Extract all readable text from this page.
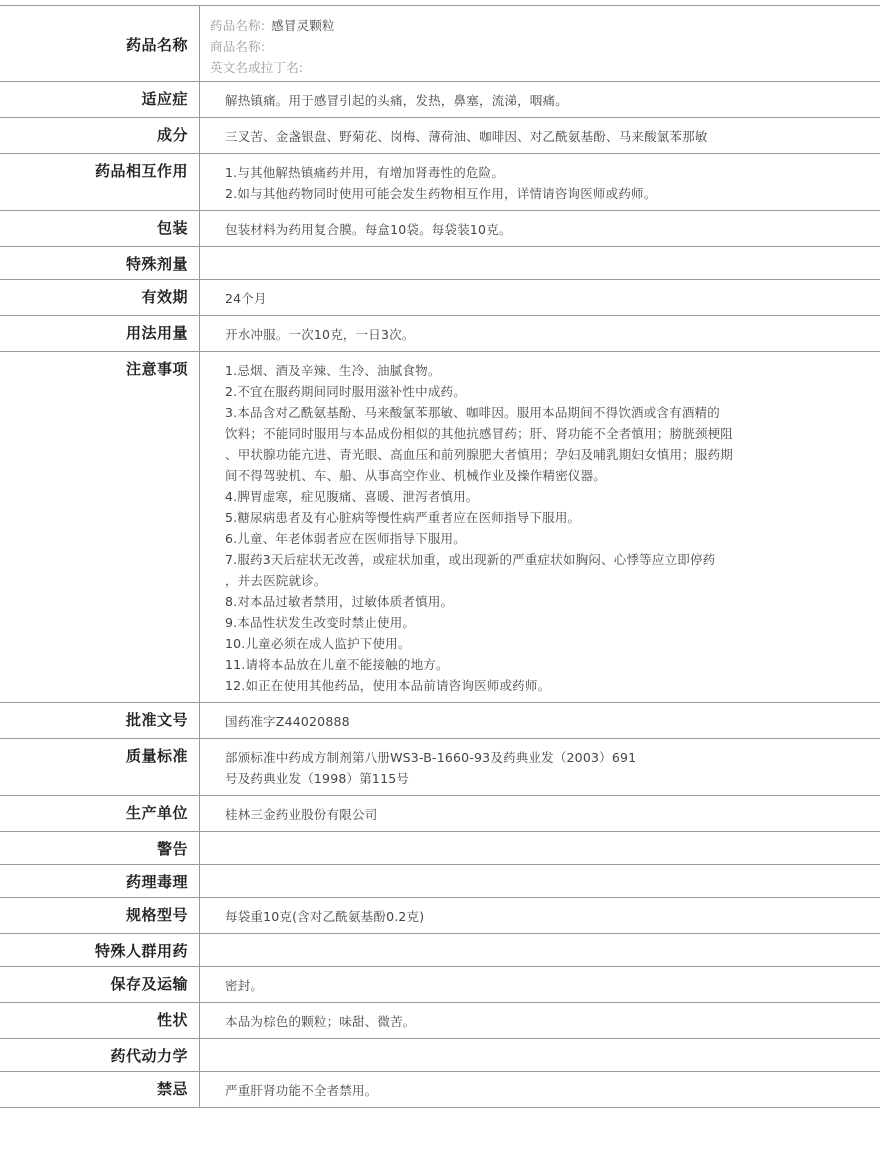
药品名称
药品名称: 感冒灵颗粒
商品名称:
英文名或拉丁名:
适应症	解热镇痛。用于感冒引起的头痛，发热，鼻塞，流涕，咽痛。
成分	三叉苦、金盏银盘、野菊花、岗梅、薄荷油、咖啡因、对乙酰氨基酚、马来酸氯苯那敏
药品相互作用	1.与其他解热镇痛药并用，有增加肾毒性的危险。
2.如与其他药物同时使用可能会发生药物相互作用，详情请咨询医师或药师。
包装	包装材料为药用复合膜。每盒10袋。每袋装10克。
特殊剂量
有效期	24个月
用法用量	开水冲服。一次10克，一日3次。
注意事项	1.忌烟、酒及辛辣、生冷、油腻食物。
2.不宜在服药期间同时服用滋补性中成药。
3.本品含对乙酰氨基酚、马来酸氯苯那敏、咖啡因。服用本品期间不得饮酒或含有酒精的
饮料；不能同时服用与本品成份相似的其他抗感冒药；肝、肾功能不全者慎用；膀胱颈梗阻
、甲状腺功能亢进、青光眼、高血压和前列腺肥大者慎用；孕妇及哺乳期妇女慎用；服药期
间不得驾驶机、车、船、从事高空作业、机械作业及操作精密仪器。
4.脾胃虚寒，症见腹痛、喜暖、泄泻者慎用。
5.糖尿病患者及有心脏病等慢性病严重者应在医师指导下服用。
6.儿童、年老体弱者应在医师指导下服用。
7.服药3天后症状无改善，或症状加重，或出现新的严重症状如胸闷、心悸等应立即停药
，并去医院就诊。
8.对本品过敏者禁用，过敏体质者慎用。
9.本品性状发生改变时禁止使用。
10.儿童必须在成人监护下使用。
11.请将本品放在儿童不能接触的地方。
12.如正在使用其他药品，使用本品前请咨询医师或药师。
批准文号	国药准字Z44020888
质量标准	部颁标准中药成方制剂第八册WS3-B-1660-93及药典业发（2003）691
号及药典业发（1998）第115号
生产单位	桂林三金药业股份有限公司
警告
药理毒理
规格型号	每袋重10克(含对乙酰氨基酚0.2克)
特殊人群用药
保存及运输	密封。
性状	本品为棕色的颗粒；味甜、微苦。
药代动力学
禁忌	严重肝肾功能不全者禁用。
